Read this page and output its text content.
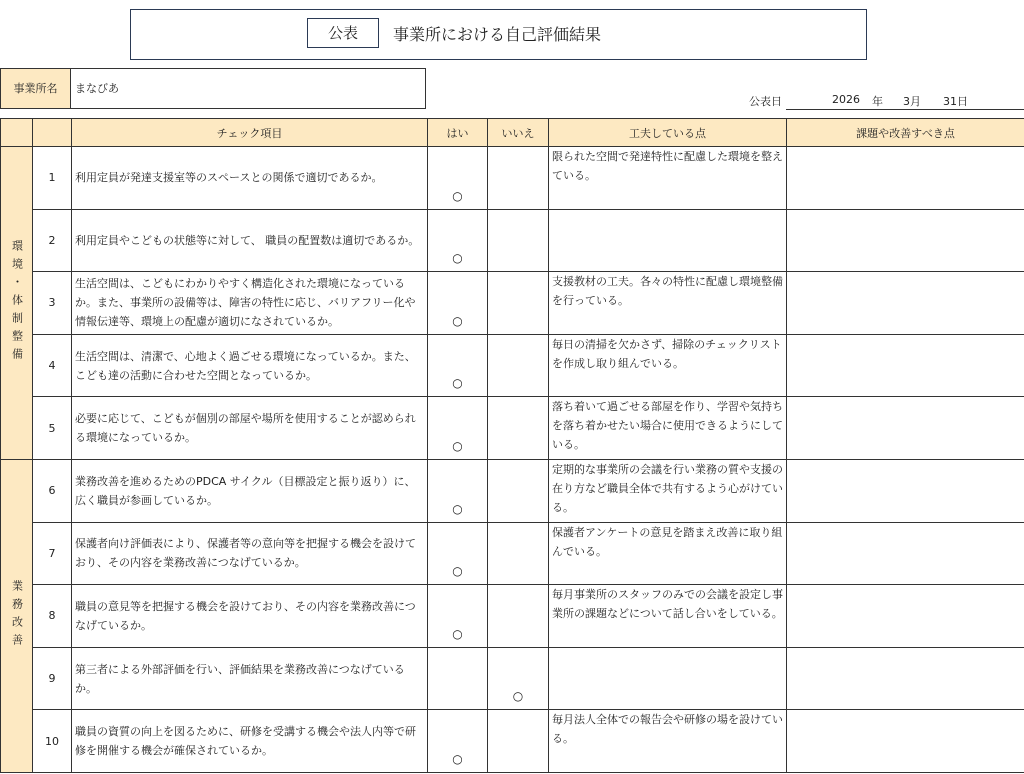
公表	事業所における自己評価結果
事業所名	まなびあ
公表日	2026 年 3月 31日
		チェック項目	はい	いいえ	工夫している点	課題や改善すべき点
環境・体制整備	1	利用定員が発達支援室等のスペースとの関係で適切であるか。	○		限られた空間で発達特性に配慮した環境を整えている。	
	2	利用定員やこどもの状態等に対して、 職員の配置数は適切であるか。	○			
	3	生活空間は、こどもにわかりやすく構造化された環境になっているか。また、事業所の設備等は、障害の特性に応じ、バリアフリー化や情報伝達等、環境上の配慮が適切になされているか。	○		支援教材の工夫。各々の特性に配慮し環境整備を行っている。	
	4	生活空間は、清潔で、心地よく過ごせる環境になっているか。また、こども達の活動に合わせた空間となっているか。	○		毎日の清掃を欠かさず、掃除のチェックリストを作成し取り組んでいる。	
	5	必要に応じて、こどもが個別の部屋や場所を使用することが認められる環境になっているか。	○		落ち着いて過ごせる部屋を作り、学習や気持ちを落ち着かせたい場合に使用できるようにしている。	
業務改善	6	業務改善を進めるためのPDCA サイクル（目標設定と振り返り）に、広く職員が参画しているか。	○		定期的な事業所の会議を行い業務の質や支援の在り方など職員全体で共有するよう心がけている。	
	7	保護者向け評価表により、保護者等の意向等を把握する機会を設けており、その内容を業務改善につなげているか。	○		保護者アンケートの意見を踏まえ改善に取り組んでいる。	
	8	職員の意見等を把握する機会を設けており、その内容を業務改善につなげているか。	○		毎月事業所のスタッフのみでの会議を設定し事業所の課題などについて話し合いをしている。	
	9	第三者による外部評価を行い、評価結果を業務改善につなげているか。		○		
	10	職員の資質の向上を図るために、研修を受講する機会や法人内等で研修を開催する機会が確保されているか。	○		毎月法人全体での報告会や研修の場を設けている。	
